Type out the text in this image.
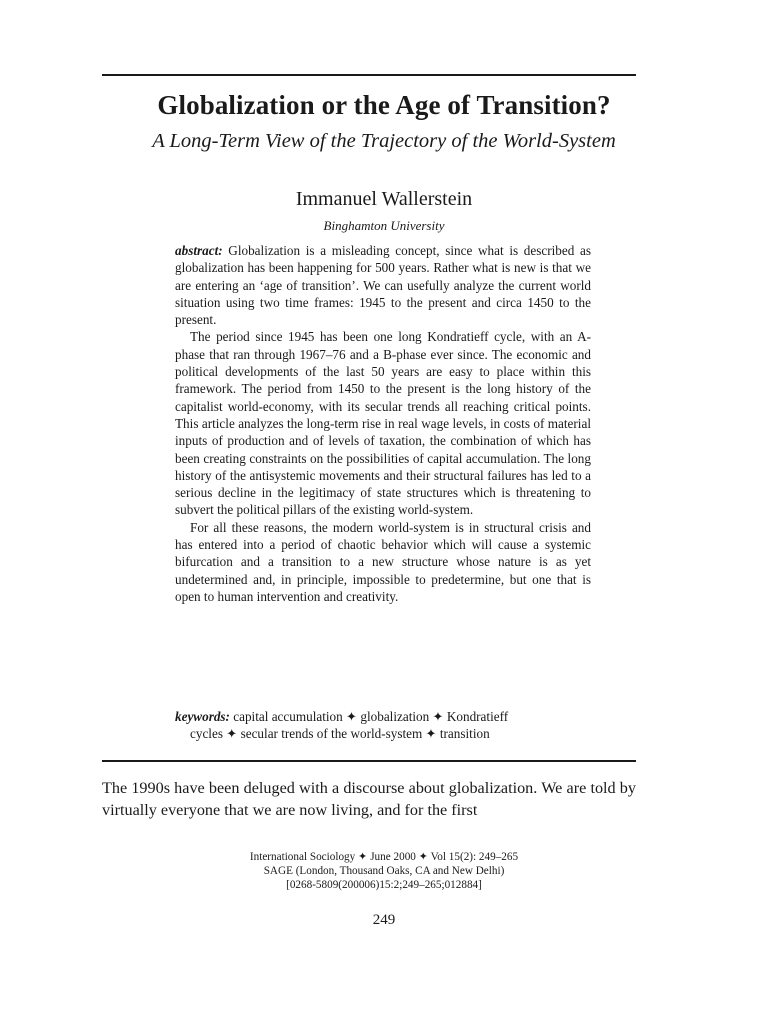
Globalization or the Age of Transition?
A Long-Term View of the Trajectory of the World-System
Immanuel Wallerstein
Binghamton University

abstract: Globalization is a misleading concept, since what is described as globalization has been happening for 500 years. Rather what is new is that we are entering an ‘age of transition’. We can usefully analyze the current world situation using two time frames: 1945 to the present and circa 1450 to the present.

The period since 1945 has been one long Kondratieff cycle, with an A-phase that ran through 1967–76 and a B-phase ever since. The economic and political developments of the last 50 years are easy to place within this framework. The period from 1450 to the present is the long history of the capitalist world-economy, with its secular trends all reaching critical points. This article analyzes the long-term rise in real wage levels, in costs of material inputs of production and of levels of taxation, the combination of which has been creating constraints on the possibilities of capital accumulation. The long history of the antisystemic movements and their structural failures has led to a serious decline in the legitimacy of state structures which is threatening to subvert the political pillars of the existing world-system.

For all these reasons, the modern world-system is in structural crisis and has entered into a period of chaotic behavior which will cause a systemic bifurcation and a transition to a new structure whose nature is as yet undetermined and, in principle, impossible to predetermine, but one that is open to human intervention and creativity.

keywords: capital accumulation ✦ globalization ✦ Kondratieff
cycles ✦ secular trends of the world-system ✦ transition

The 1990s have been deluged with a discourse about globalization. We are told by virtually everyone that we are now living, and for the first

International Sociology ✦ June 2000 ✦ Vol 15(2): 249–265
SAGE (London, Thousand Oaks, CA and New Delhi)
[0268-5809(200006)15:2;249–265;012884]
249
